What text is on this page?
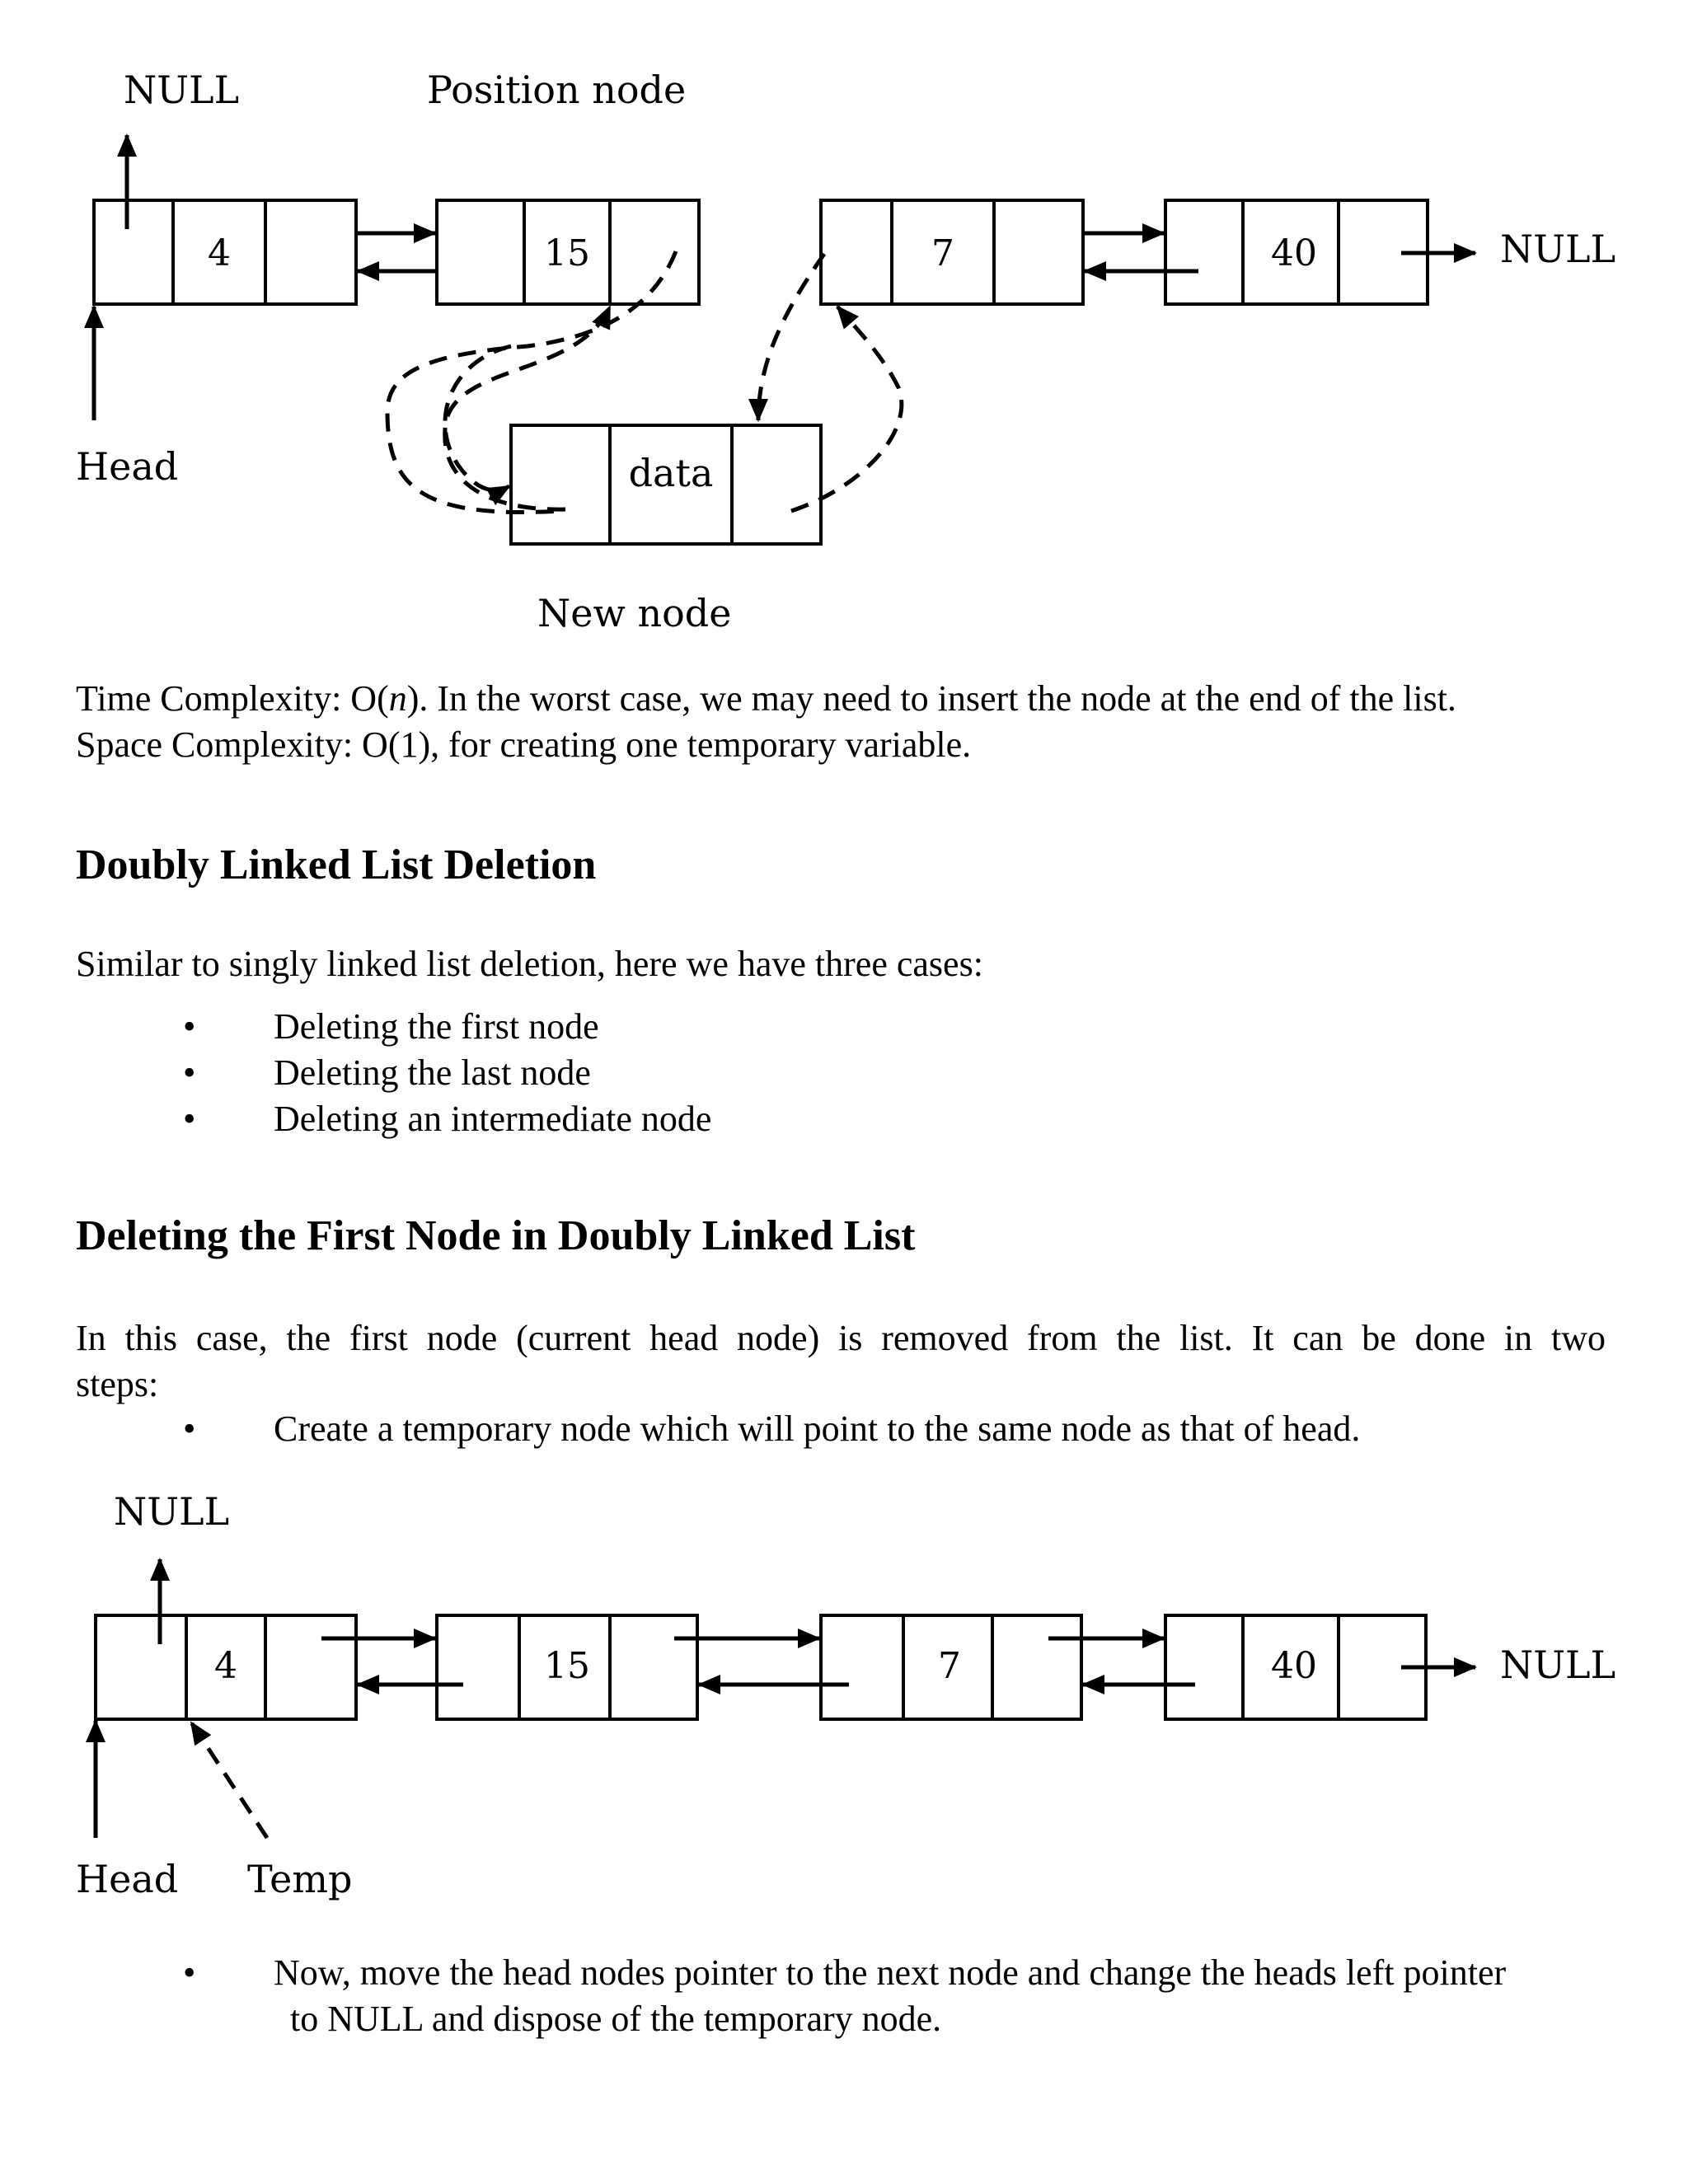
NULL	Position node
NULL
Head
New node
4	15	7	40
data
Time Complexity: O(n). In the worst case, we may need to insert the node at the end of the list.
Space Complexity: O(1), for creating one temporary variable.
Doubly Linked List Deletion
Similar to singly linked list deletion, here we have three cases:
• Deleting the first node
• Deleting the last node
• Deleting an intermediate node
Deleting the First Node in Doubly Linked List
In this case, the first node (current head node) is removed from the list. It can be done in two
steps:
• Create a temporary node which will point to the same node as that of head.
NULL
NULL
Head Temp
4	15	7	40
• Now, move the head nodes pointer to the next node and change the heads left pointer
to NULL and dispose of the temporary node.
